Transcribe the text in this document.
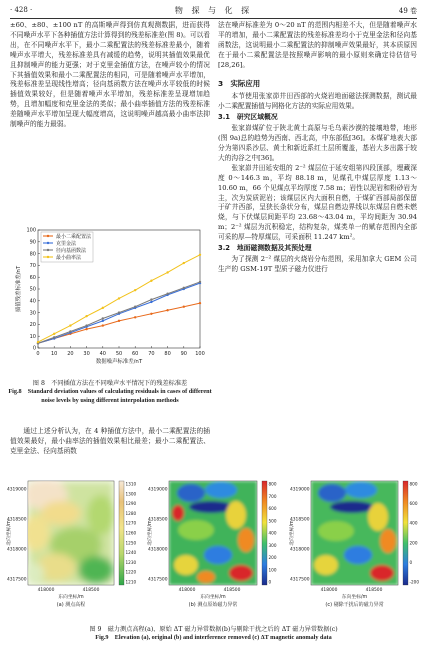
· 428 ·	物 探 与 化 探	49 卷

±60、±80、±100 nT 的高斯噪声得到仿真观测数据，进而获得不同噪声水平下各种插值方法计算得到的残差标准差(图 8)。可以看出，在不同噪声水平下，最小二乘配置法的残差标准差最小，随着噪声水平增大，残差标准差具有减缓的趋势，说明其插值效果最优且抑制噪声的能力更强；对于克里金插值方法，在噪声较小的情况下其插值效果和最小二乘配置法的相同，可是随着噪声水平增加，残差标准差呈现线性增高；径向基函数方法在噪声水平较低的时候插值效果较好，但是随着噪声水平增加，残差标准差呈现增加趋势，且增加幅度和克里金法的类似；最小曲率插值方法的残差标准差随噪声水平增加呈现大幅度增高，这说明噪声越高最小曲率法抑制噪声的能力最弱。

0 10 20 30 40 50 60 70 80 90 100
0
10
20
30
40
50
60
70
80
90
100
数据噪声标准差/nT
插值残差标准差/nT
最小二乘配置法
克里金法
径向基函数法
最小曲率法
图 8　不同插值方法在不同噪声水平情况下的残差标准差
Fig.8　Standard deviation values of calculating residuals in cases of different noise levels by using different interpolation methods

通过上述分析认为，在 4 种插值方法中，最小二乘配置法的插值效果最好，最小曲率法的插值效果相比最差；最小二乘配置法、克里金法、径向基函数

法在噪声标准差为 0～20 nT 的范围内相差不大，但是随着噪声水平的增加，最小二乘配置法的残差标准差均小于克里金法和径向基函数法，这说明最小二乘配置法的抑制噪声效果最好，其本质原因在于最小二乘配置法是按照噪声影响的最小原则来确定待估信号[28,26]。

3　实际应用

本节使用张家峁井田西部的火烧岩地面磁法探测数据，测试最小二乘配置插值与网格化方法的实际应用效果。

3.1　研究区域概况

张家峁煤矿位于陕北黄土高原与毛乌素沙漠的接壤地带，地形(图 9a)总的趋势为西南、西北高，中东部低[36]。本煤矿地表大部分为第四系沙层、黄土和新近系红土层所覆盖，基岩大多出露于较大的沟谷之中[36]。

张家峁井田延安组的 2⁻² 煤层位于延安组第四段顶部，埋藏深度 0～146.3 m，平均 88.18 m，见煤孔中煤层厚度 1.13～10.60 m，66 个见煤点平均厚度 7.58 m；岩性以泥岩和粉砂岩为主，次为炭质泥岩；该煤层区内大面积自燃，于煤矿西部局部保留于矿井西部，呈狭长条状分布，煤层自燃边界线以东煤层自燃未燃烧，与下伏煤层间距平均 23.68～43.04 m，平均间距为 30.94 m；2⁻² 煤层为沉积稳定，结构复杂，煤类单一的赋存范围内全部可采的厚—特厚煤层，可采面积 11.247 km²。

3.2　地面磁测数据及其预处理

为了探测 2⁻² 煤层的火烧岩分布范围，采用加拿大 GEM 公司生产的 GSM-19T 型质子磁力仪进行

4319000
4318500
4318000
4317500
北向坐标/m
418000	418500
东向坐标/m
(a) 测点高程
1310
1300
1290
1280
1270
1260
1250
1240
1230
1220
1210
4319000
4318500
4318000
4317500
北向坐标/m
418000	418500
东向坐标/m
(b) 测点原始磁力异常
800
700
600
500
400
300
200
100
0
4319000
4318500
4318000
4317500
北向坐标/m
418000	418500
东向坐标/m
(c) 剔除干扰后的磁力异常
800
600
400
200
0
-200
图 9　磁力测点高程(a)、原始 ΔT 磁力异常数据(b)与剔除干扰之后的 ΔT 磁力异常数据(c)
Fig.9　Elevation (a), original (b) and interference removed (c) ΔT magnetic anomaly data
